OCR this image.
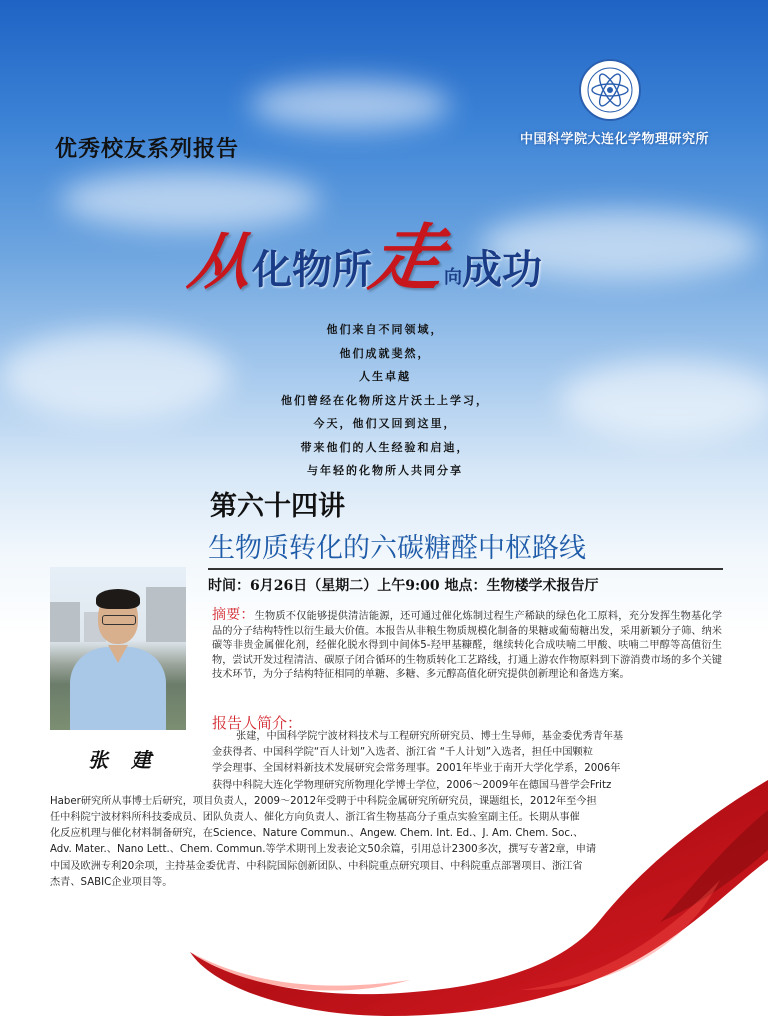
中国科学院大连化学物理研究所
优秀校友系列报告
从化物所走向成功
他们来自不同领域，
他们成就斐然，
人生卓越
他们曾经在化物所这片沃土上学习，
今天，他们又回到这里，
带来他们的人生经验和启迪，
与年轻的化物所人共同分享
第六十四讲
生物质转化的六碳糖醛中枢路线
时间：6月26日（星期二）上午9:00 地点：生物楼学术报告厅
张 建
摘要：生物质不仅能够提供清洁能源，还可通过催化炼制过程生产稀缺的绿色化工原料，充分发挥生物基化学品的分子结构特性以衍生最大价值。本报告从非粮生物质规模化制备的果糖或葡萄糖出发，采用新颖分子筛、纳米碳等非贵金属催化剂，经催化脱水得到中间体5-羟甲基糠醛，继续转化合成呋喃二甲酸、呋喃二甲醇等高值衍生物，尝试开发过程清洁、碳原子闭合循环的生物质转化工艺路线，打通上游农作物原料到下游消费市场的多个关键技术环节，为分子结构特征相同的单糖、多糖、多元醇高值化研究提供创新理论和备选方案。
报告人简介：
张建，中国科学院宁波材料技术与工程研究所研究员、博士生导师，基金委优秀青年基
金获得者、中国科学院“百人计划”入选者、浙江省 “千人计划”入选者，担任中国颗粒
学会理事、全国材料新技术发展研究会常务理事。2001年毕业于南开大学化学系，2006年
获得中科院大连化学物理研究所物理化学博士学位，2006～2009年在德国马普学会Fritz
Haber研究所从事博士后研究，项目负责人，2009～2012年受聘于中科院金属研究所研究员，课题组长，2012年至今担
任中科院宁波材料所科技委成员、团队负责人、催化方向负责人、浙江省生物基高分子重点实验室副主任。长期从事催
化反应机理与催化材料制备研究，在Science、Nature Commun.、Angew. Chem. Int. Ed.、J. Am. Chem. Soc.、
Adv. Mater.、Nano Lett.、Chem. Commun.等学术期刊上发表论文50余篇，引用总计2300多次，撰写专著2章，申请
中国及欧洲专利20余项，主持基金委优青、中科院国际创新团队、中科院重点研究项目、中科院重点部署项目、浙江省
杰青、SABIC企业项目等。
